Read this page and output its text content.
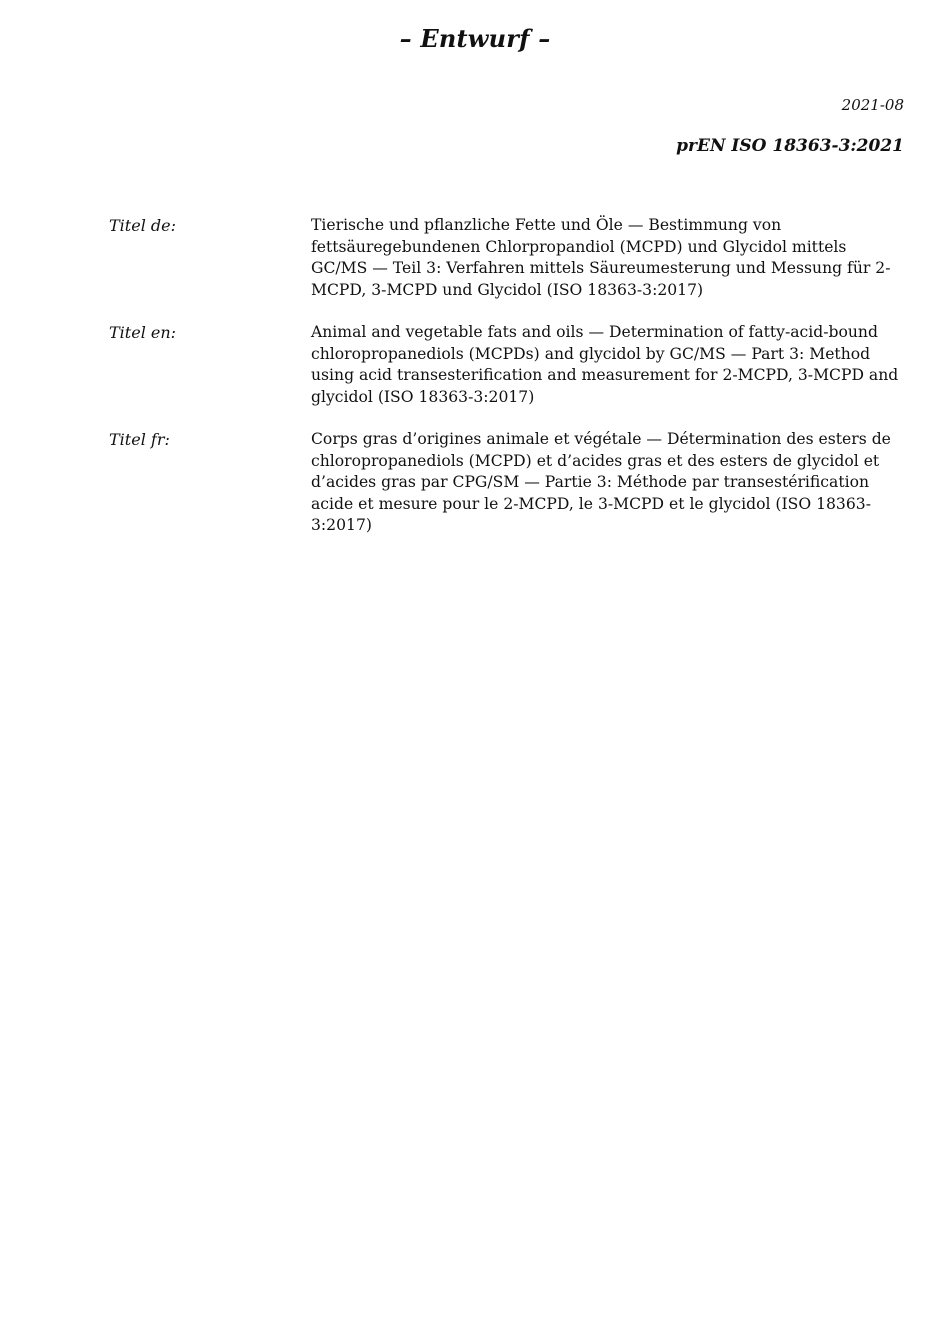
– Entwurf –
2021-08
prEN ISO 18363-3:2021
Titel de:	Tierische und pflanzliche Fette und Öle — Bestimmung von fettsäuregebundenen Chlorpropandiol (MCPD) und Glycidol mittels GC/MS — Teil 3: Verfahren mittels Säureumesterung und Messung für 2-MCPD, 3-MCPD und Glycidol (ISO 18363-3:2017)
Titel en:	Animal and vegetable fats and oils — Determination of fatty-acid-bound chloropropanediols (MCPDs) and glycidol by GC/MS — Part 3: Method using acid transesterification and measurement for 2-MCPD, 3-MCPD and glycidol (ISO 18363-3:2017)
Titel fr:	Corps gras d’origines animale et végétale — Détermination des esters de chloropropanediols (MCPD) et d’acides gras et des esters de glycidol et d’acides gras par CPG/SM — Partie 3: Méthode par transestérification acide et mesure pour le 2-MCPD, le 3-MCPD et le glycidol (ISO 18363-3:2017)
